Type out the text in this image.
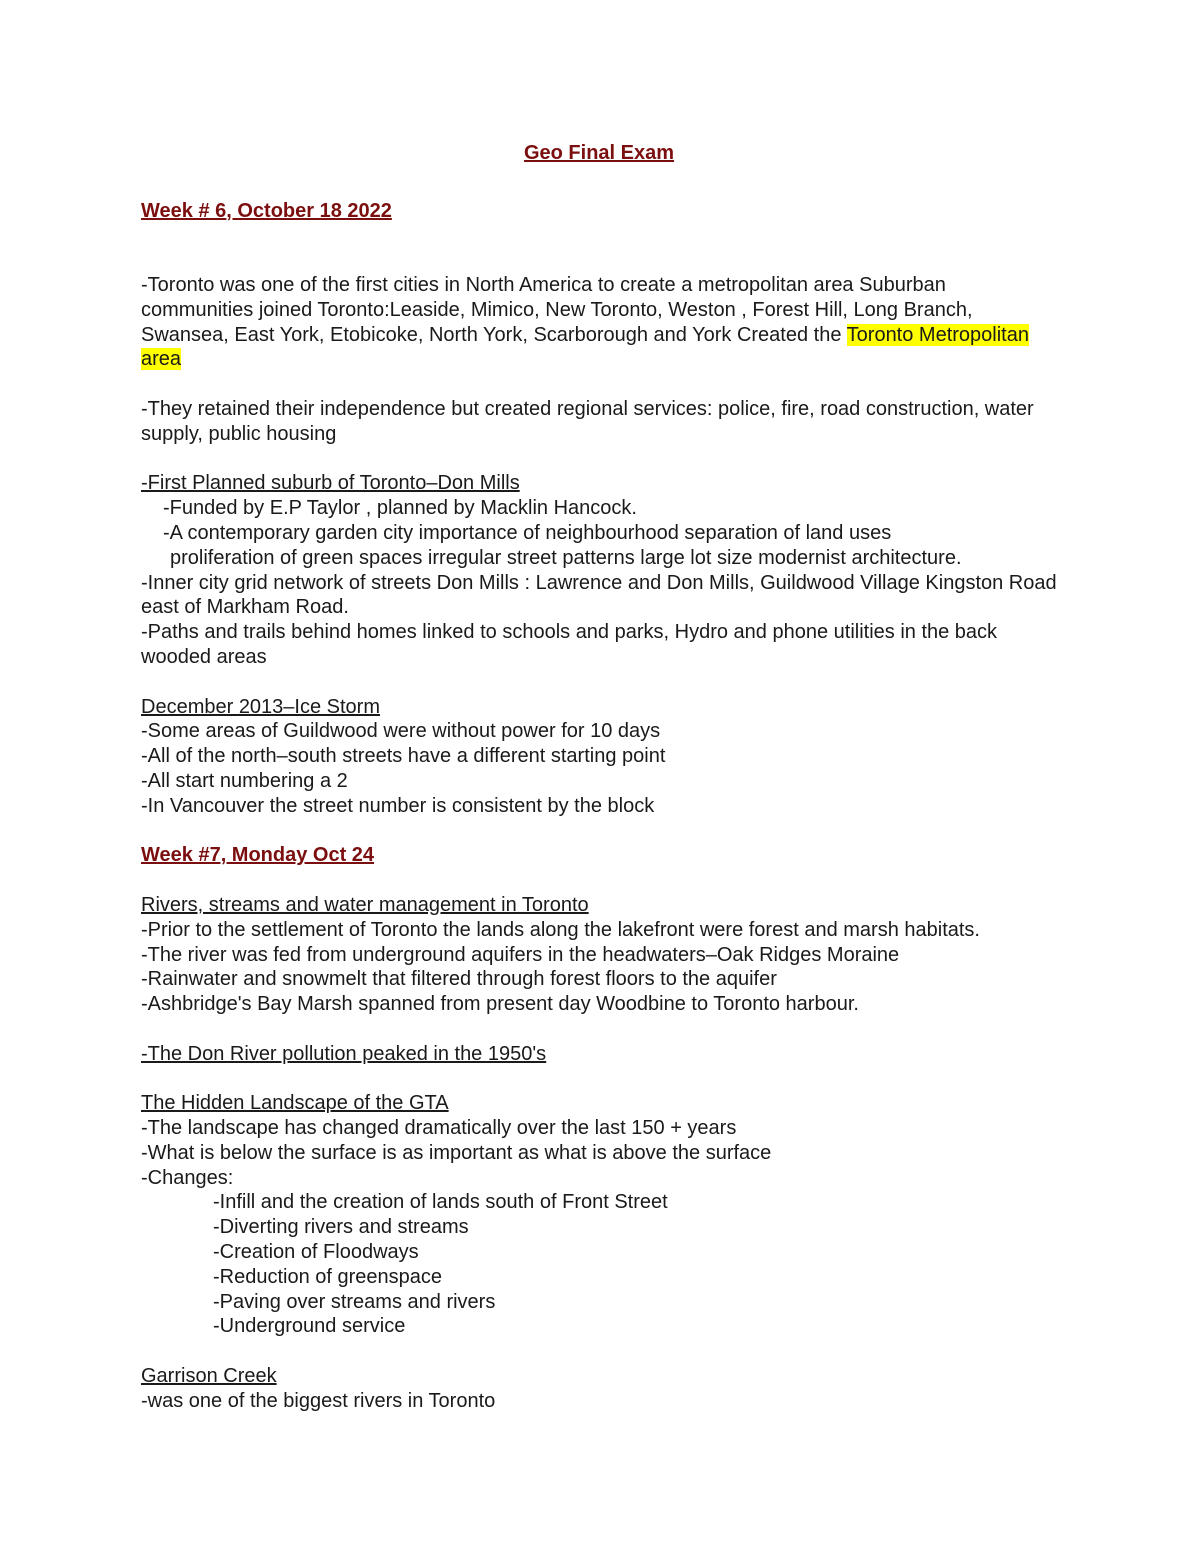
Geo Final Exam

Week # 6, October 18 2022

-Toronto was one of the first cities in North America to create a metropolitan area Suburban communities joined Toronto:Leaside, Mimico, New Toronto, Weston , Forest Hill, Long Branch, Swansea, East York, Etobicoke, North York, Scarborough and York Created the Toronto Metropolitan area

-They retained their independence but created regional services: police, fire, road construction, water supply, public housing

-First Planned suburb of Toronto–Don Mills

-Funded by E.P Taylor , planned by Macklin Hancock.

-A contemporary garden city importance of neighbourhood separation of land uses

proliferation of green spaces irregular street patterns large lot size modernist architecture.

-Inner city grid network of streets Don Mills : Lawrence and Don Mills, Guildwood Village Kingston Road east of Markham Road.

-Paths and trails behind homes linked to schools and parks, Hydro and phone utilities in the back wooded areas

December 2013–Ice Storm

-Some areas of Guildwood were without power for 10 days

-All of the north–south streets have a different starting point

-All start numbering a 2

-In Vancouver the street number is consistent by the block

Week #7, Monday Oct 24

Rivers, streams and water management in Toronto

-Prior to the settlement of Toronto the lands along the lakefront were forest and marsh habitats.

-The river was fed from underground aquifers in the headwaters–Oak Ridges Moraine

-Rainwater and snowmelt that filtered through forest floors to the aquifer

-Ashbridge's Bay Marsh spanned from present day Woodbine to Toronto harbour.

-The Don River pollution peaked in the 1950's

The Hidden Landscape of the GTA

-The landscape has changed dramatically over the last 150 + years

-What is below the surface is as important as what is above the surface

-Changes:

-Infill and the creation of lands south of Front Street

-Diverting rivers and streams

-Creation of Floodways

-Reduction of greenspace

-Paving over streams and rivers

-Underground service

Garrison Creek

-was one of the biggest rivers in Toronto
